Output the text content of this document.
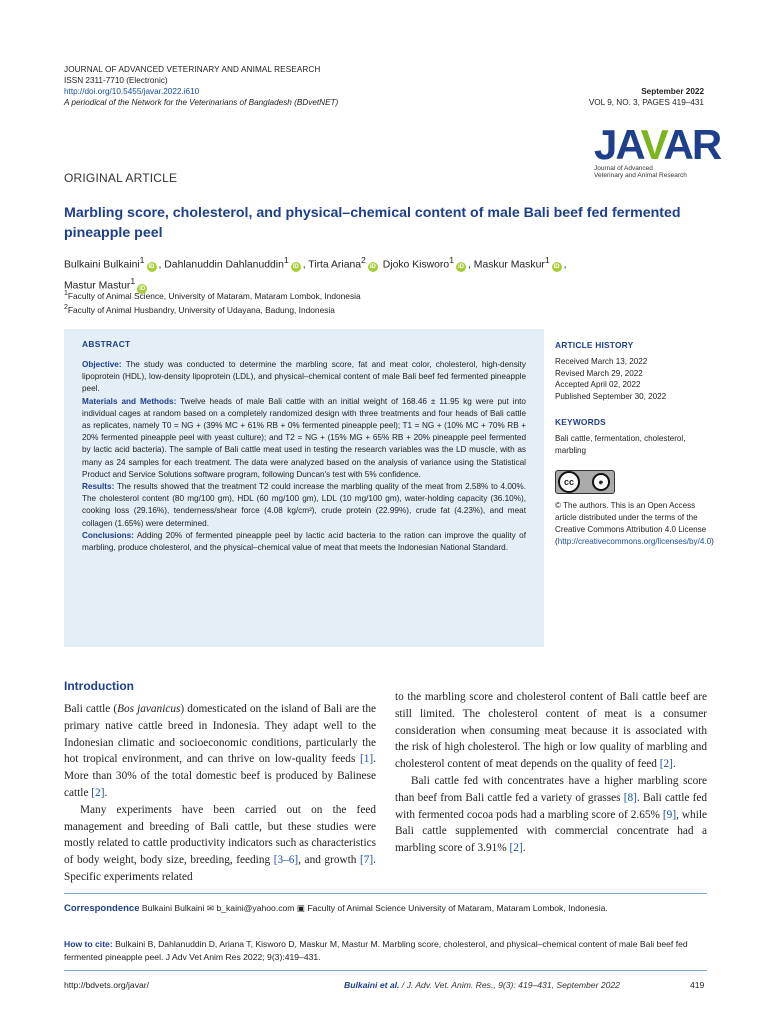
JOURNAL OF ADVANCED VETERINARY AND ANIMAL RESEARCH
ISSN 2311-7710 (Electronic)
http://doi.org/10.5455/javar.2022.i610
A periodical of the Network for the Veterinarians of Bangladesh (BDvetNET)
September 2022
VOL 9, NO. 3, PAGES 419–431
JAVAR
Journal of Advanced
Veterinary and Animal Research
ORIGINAL ARTICLE
Marbling score, cholesterol, and physical–chemical content of male Bali beef fed fermented pineapple peel
Bulkaini Bulkaini$^1$iD , Dahlanuddin Dahlanuddin$^1$iD , Tirta Ariana$^2$iD Djoko Kisworo$^1$iD , Maskur Maskur$^1$iD ,
Mastur Mastur$^1$iD
$^1$Faculty of Animal Science, University of Mataram, Mataram Lombok, Indonesia
$^2$Faculty of Animal Husbandry, University of Udayana, Badung, Indonesia
ABSTRACT

Objective: The study was conducted to determine the marbling score, fat and meat color, cholesterol, high-density lipoprotein (HDL), low-density lipoprotein (LDL), and physical–chemical content of male Bali beef fed fermented pineapple peel.

Materials and Methods: Twelve heads of male Bali cattle with an initial weight of 168.46 ± 11.95 kg were put into individual cages at random based on a completely randomized design with three treatments and four heads of Bali cattle as replicates, namely T0 = NG + (39% MC + 61% RB + 0% fermented pineapple peel); T1 = NG + (10% MC + 70% RB + 20% fermented pineapple peel with yeast culture); and T2 = NG + (15% MG + 65% RB + 20% pineapple peel fermented by lactic acid bacteria). The sample of Bali cattle meat used in testing the research variables was the LD muscle, with as many as 24 samples for each treatment. The data were analyzed based on the analysis of variance using the Statistical Product and Service Solutions software program, following Duncan's test with 5% confidence.

Results: The results showed that the treatment T2 could increase the marbling quality of the meat from 2.58% to 4.00%. The cholesterol content (80 mg/100 gm), HDL (60 mg/100 gm), LDL (10 mg/100 gm), water-holding capacity (36.10%), cooking loss (29.16%), tenderness/shear force (4.08 kg/cm²), crude protein (22.99%), crude fat (4.23%), and meat collagen (1.65%) were determined.

Conclusions: Adding 20% of fermented pineapple peel by lactic acid bacteria to the ration can improve the quality of marbling, produce cholesterol, and the physical–chemical value of meat that meets the Indonesian National Standard.

ARTICLE HISTORY
Received March 13, 2022
Revised March 29, 2022
Accepted April 02, 2022
Published September 30, 2022
KEYWORDS
Bali cattle, fermentation, cholesterol, marbling
cc	●
BY
© The authors. This is an Open Access article distributed under the terms of the Creative Commons Attribution 4.0 License (http://creativecommons.org/licenses/by/4.0)
Introduction

Bali cattle (Bos javanicus) domesticated on the island of Bali are the primary native cattle breed in Indonesia. They adapt well to the Indonesian climatic and socioeconomic conditions, particularly the hot tropical environment, and can thrive on low-quality feeds [1]. More than 30% of the total domestic beef is produced by Balinese cattle [2].

Many experiments have been carried out on the feed management and breeding of Bali cattle, but these studies were mostly related to cattle productivity indicators such as characteristics of body weight, body size, breeding, feeding [3–6], and growth [7]. Specific experiments related

to the marbling score and cholesterol content of Bali cattle beef are still limited. The cholesterol content of meat is a consumer consideration when consuming meat because it is associated with the risk of high cholesterol. The high or low quality of marbling and cholesterol content of meat depends on the quality of feed [2].

Bali cattle fed with concentrates have a higher marbling score than beef from Bali cattle fed a variety of grasses [8]. Bali cattle fed with fermented cocoa pods had a marbling score of 2.65% [9], while Bali cattle supplemented with commercial concentrate had a marbling score of 3.91% [2].

Correspondence Bulkaini Bulkaini ✉ b_kaini@yahoo.com ▣ Faculty of Animal Science University of Mataram, Mataram Lombok, Indonesia.
How to cite: Bulkaini B, Dahlanuddin D, Ariana T, Kisworo D, Maskur M, Mastur M. Marbling score, cholesterol, and physical–chemical content of male Bali beef fed fermented pineapple peel. J Adv Vet Anim Res 2022; 9(3):419–431.
http://bdvets.org/javar/	Bulkaini et al. / J. Adv. Vet. Anim. Res., 9(3): 419–431, September 2022	419
